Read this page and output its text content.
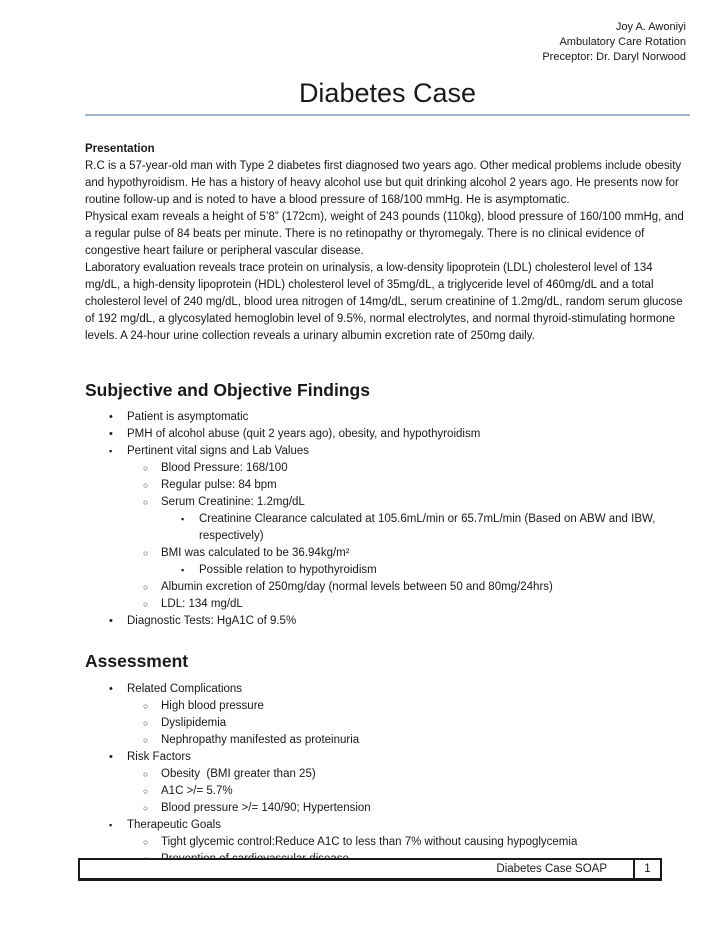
Joy A. Awoniyi
Ambulatory Care Rotation
Preceptor: Dr. Daryl Norwood
Diabetes Case
Presentation

R.C is a 57-year-old man with Type 2 diabetes first diagnosed two years ago. Other medical problems include obesity and hypothyroidism. He has a history of heavy alcohol use but quit drinking alcohol 2 years ago. He presents now for routine follow-up and is noted to have a blood pressure of 168/100 mmHg. He is asymptomatic.

Physical exam reveals a height of 5’8” (172cm), weight of 243 pounds (110kg), blood pressure of 160/100 mmHg, and a regular pulse of 84 beats per minute. There is no retinopathy or thyromegaly. There is no clinical evidence of congestive heart failure or peripheral vascular disease.

Laboratory evaluation reveals trace protein on urinalysis, a low-density lipoprotein (LDL) cholesterol level of 134 mg/dL, a high-density lipoprotein (HDL) cholesterol level of 35mg/dL, a triglyceride level of 460mg/dL and a total cholesterol level of 240 mg/dL, blood urea nitrogen of 14mg/dL, serum creatinine of 1.2mg/dL, random serum glucose of 192 mg/dL, a glycosylated hemoglobin level of 9.5%, normal electrolytes, and normal thyroid-stimulating hormone levels. A 24-hour urine collection reveals a urinary albumin excretion rate of 250mg daily.

Subjective and Objective Findings
•	Patient is asymptomatic
•	PMH of alcohol abuse (quit 2 years ago), obesity, and hypothyroidism
▪	Pertinent vital signs and Lab Values
○	Blood Pressure: 168/100
○	Regular pulse: 84 bpm
○	Serum Creatinine: 1.2mg/dL
▪	Creatinine Clearance calculated at 105.6mL/min or 65.7mL/min (Based on ABW and IBW, respectively)
○	BMI was calculated to be 36.94kg/m²
▪	Possible relation to hypothyroidism
○	Albumin excretion of 250mg/day (normal levels between 50 and 80mg/24hrs)
○	LDL: 134 mg/dL
•	Diagnostic Tests: HgA1C of 9.5%
Assessment
•	Related Complications
○	High blood pressure
○	Dyslipidemia
○	Nephropathy manifested as proteinuria
•	Risk Factors
○	Obesity  (BMI greater than 25)
○	A1C >/= 5.7%
○	Blood pressure >/= 140/90; Hypertension
▪	Therapeutic Goals
○	Tight glycemic control:Reduce A1C to less than 7% without causing hypoglycemia
Diabetes Case SOAP	1
